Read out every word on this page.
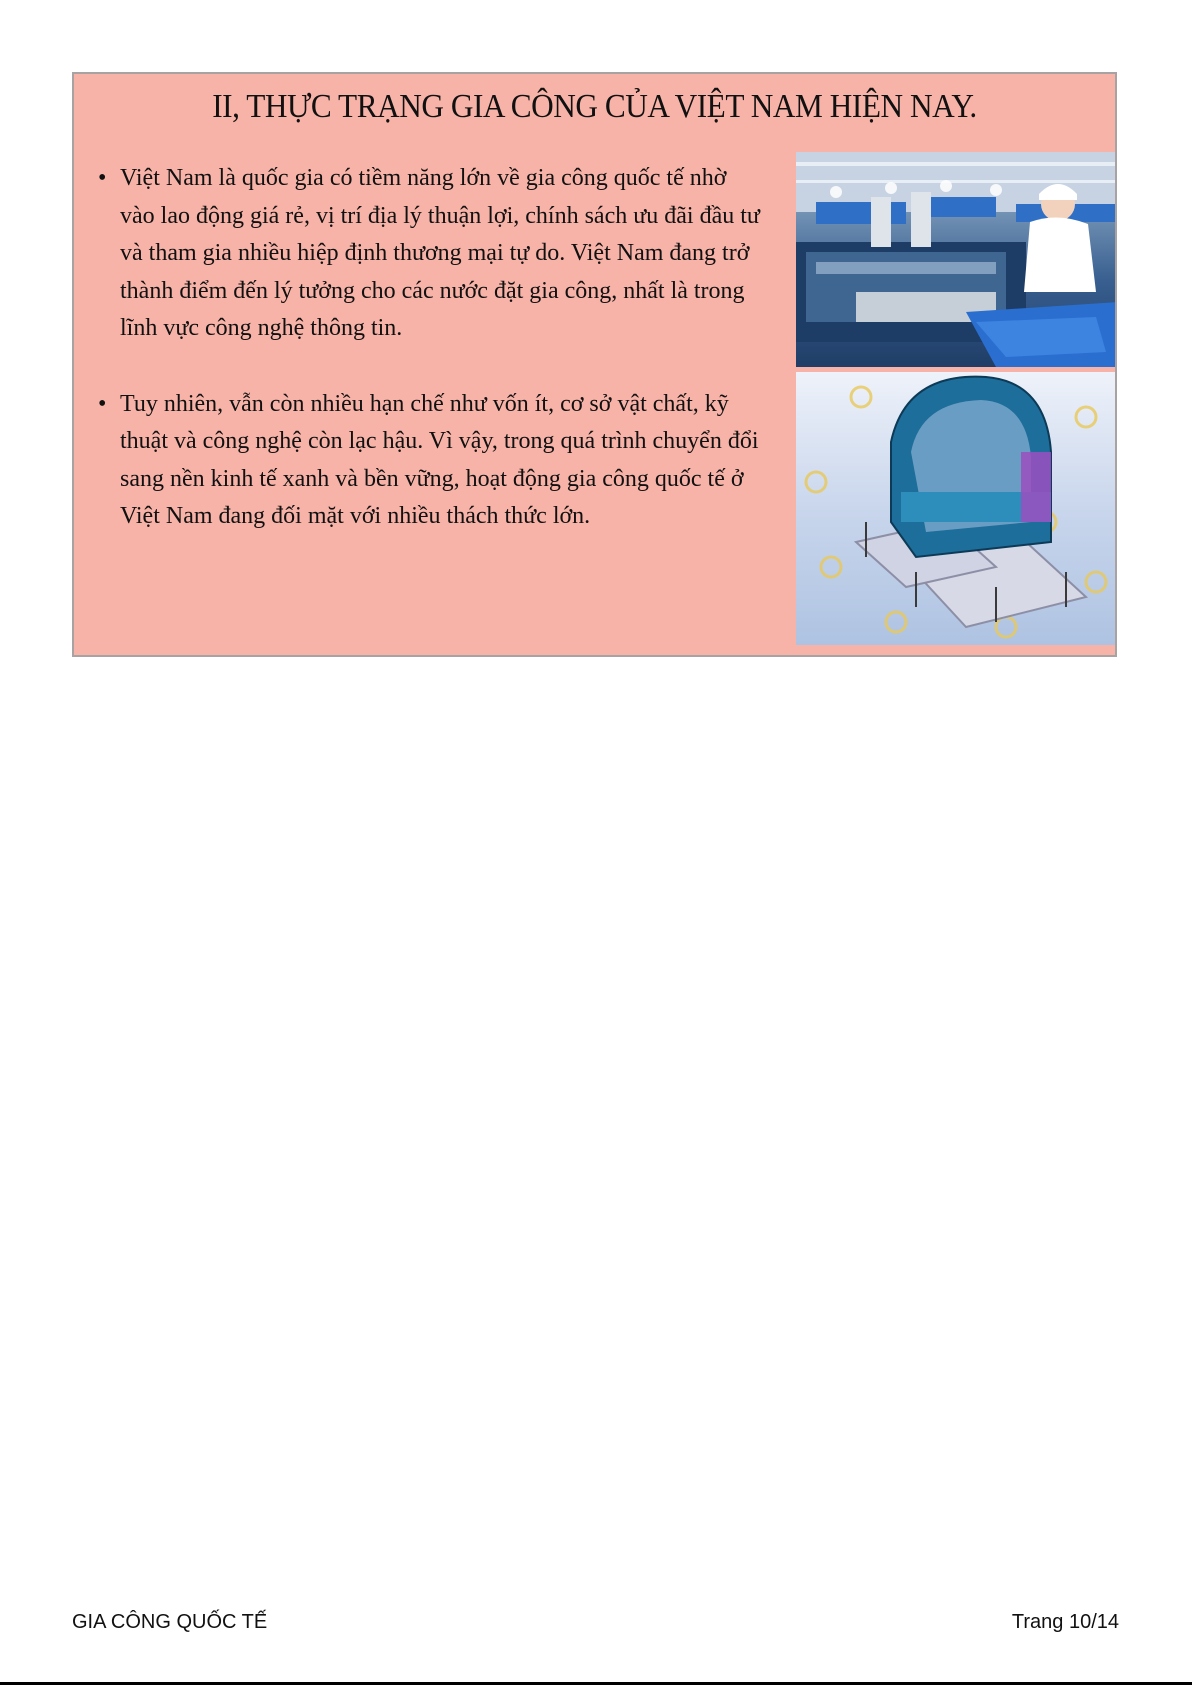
II, THỰC TRẠNG GIA CÔNG CỦA VIỆT NAM HIỆN NAY.
• Việt Nam là quốc gia có tiềm năng lớn về gia công quốc tế nhờ vào lao động giá rẻ, vị trí địa lý thuận lợi, chính sách ưu đãi đầu tư và tham gia nhiều hiệp định thương mại tự do. Việt Nam đang trở thành điểm đến lý tưởng cho các nước đặt gia công, nhất là trong lĩnh vực công nghệ thông tin.
• Tuy nhiên, vẫn còn nhiều hạn chế như vốn ít, cơ sở vật chất, kỹ thuật và công nghệ còn lạc hậu. Vì vậy, trong quá trình chuyển đổi sang nền kinh tế xanh và bền vững, hoạt động gia công quốc tế ở Việt Nam đang đối mặt với nhiều thách thức lớn.
GIA CÔNG QUỐC TẾ	Trang 10/14
